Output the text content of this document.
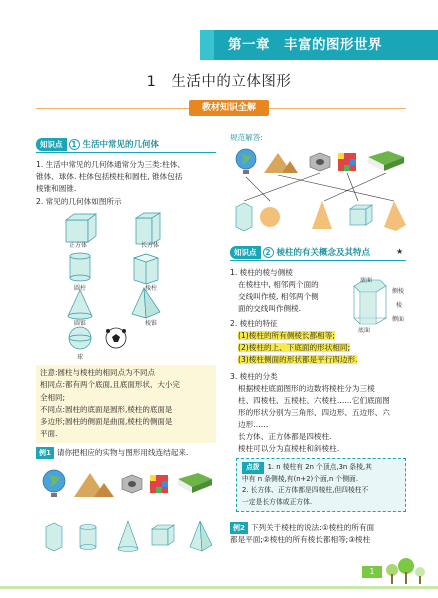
第一章　丰富的图形世界
1　生活中的立体图形
教材知识全解
知识点 1 生活中常见的几何体
1. 生活中常见的几何体通常分为三类:柱体、
锥体、球体. 柱体包括棱柱和圆柱, 锥体包括
棱锥和圆锥.
2. 常见的几何体如图所示
正方体	长方体
圆柱	棱柱
圆锥	棱锥
球
注意:圆柱与棱柱的相同点为不同点
相同点:都有两个底面,且底面形状、大小完
全相同;
不同点:圆柱的底面是圆形,棱柱的底面是
多边形;圆柱的侧面是曲面,棱柱的侧面是
平面.
例1 请你把相应的实物与图形用线连结起来.
规范解答:
知识点 2 棱柱的有关概念及其特点	★
1. 棱柱的棱与侧棱
在棱柱中, 相邻两个面的
交线叫作棱, 相邻两个侧
面的交线叫作侧棱.
底面
侧棱
棱
侧面
底面
2. 棱柱的特征
(1)棱柱的所有侧棱长都相等;
(2)棱柱的上、下底面的形状相同;
(3)棱柱侧面的形状都是平行四边形.
3. 棱柱的分类
根据棱柱底面图形的边数将棱柱分为三棱
柱、四棱柱、五棱柱、六棱柱……它们底面图
形的形状分别为三角形、四边形、五边形、六
边形……
长方体、正方体都是四棱柱.
棱柱可以分为直棱柱和斜棱柱.
点拨 1. n 棱柱有 2n 个顶点,3n 条棱,其
中有 n 条侧棱,有(n+2)个面,n 个侧面.
2. 长方体、正方体都是四棱柱,但四棱柱不
一定是长方体或正方体.
例2 下列关于棱柱的说法:①棱柱的所有面
都是平面;②棱柱的所有棱长都相等;③棱柱
1
